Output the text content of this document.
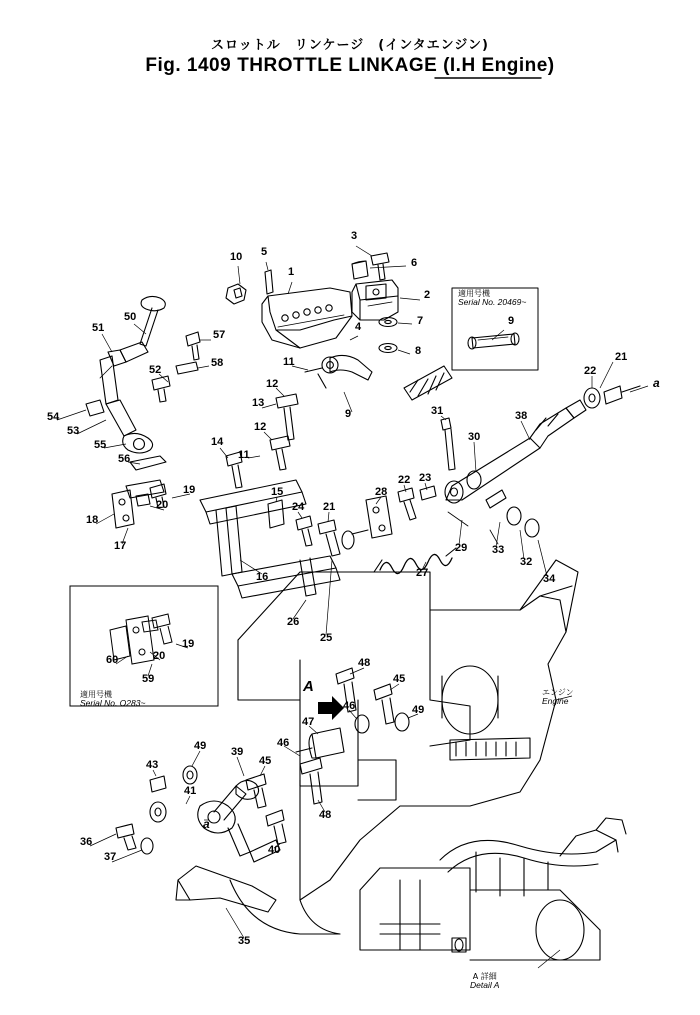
スロットル　リンケージ　(インタエンジン)
Fig. 1409 THROTTLE LINKAGE (I.H Engine)
10 5
1
3
6
2
7
8
4	9
11
12
13
9
12
11
14
51
50
57
58
52
54
53
55
56
21
22
31	38
30
19
20
18
17
15
24 21
28
22 23
29 33
32
34
27
16
26
25
19
20
60
59
48
45
46	49
47
46
49 39
45
43
41
48
40
36
37
35
a
a
適用号機
Serial No. 20469~
適用号機
Serial No. O283~
エンジン
Engine
A 詳細
Detail A
A
